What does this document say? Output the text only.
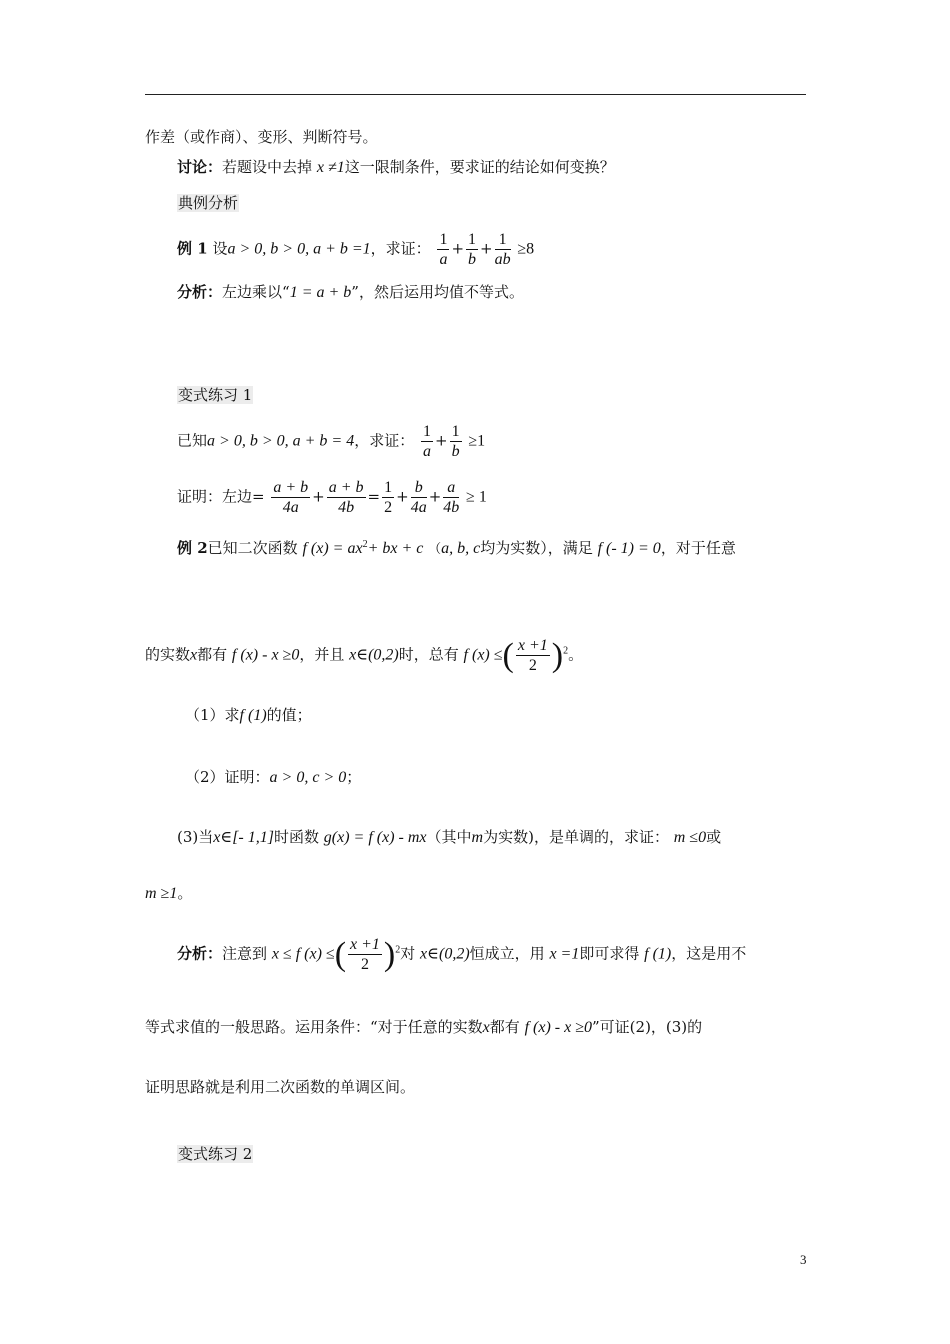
作差（或作商）、变形、判断符号。
讨论：若题设中去掉 x ≠1这一限制条件，要求证的结论如何变换？
典例分析
例 1 设a > 0, b > 0, a + b =1，求证： $\frac{1}{a} + \frac{1}{b} + \frac{1}{ab} \ge 8$
分析：左边乘以“1 = a + b”，然后运用均值不等式。
变式练习 1
已知a > 0, b > 0, a + b = 4，求证： $\frac{1}{a} + \frac{1}{b} \ge 1$
证明：左边= $\frac{a + b}{4a} + \frac{a + b}{4b} = \frac{1}{2} + \frac{b}{4a} + \frac{a}{4b} \ge 1$
例 2已知二次函数 f $(x) = ax^2+$ bx + c （a, b, c均为实数），满足 f (- 1) = 0，对于任意
的实数x都有 f (x) - x ≥0，并且 x∈(0,2)时，总有 f (x) ≤( $\frac{x +1}{2} )^2$。
（1）求f (1)的值；
（2）证明：a > 0, c > 0；
(3)当x∈[- 1,1]时函数 g(x) = f (x) - mx（其中m为实数)，是单调的，求证： m ≤0或
m ≥1。
分析：注意到 x ≤ f (x) ≤( $\frac{x +1}{2} )^2$对 x∈(0,2)恒成立，用 x =1即可求得 f (1)，这是用不
等式求值的一般思路。运用条件：“对于任意的实数x都有 f (x) - x ≥0”可证(2)，(3)的
证明思路就是利用二次函数的单调区间。
变式练习 2
3
